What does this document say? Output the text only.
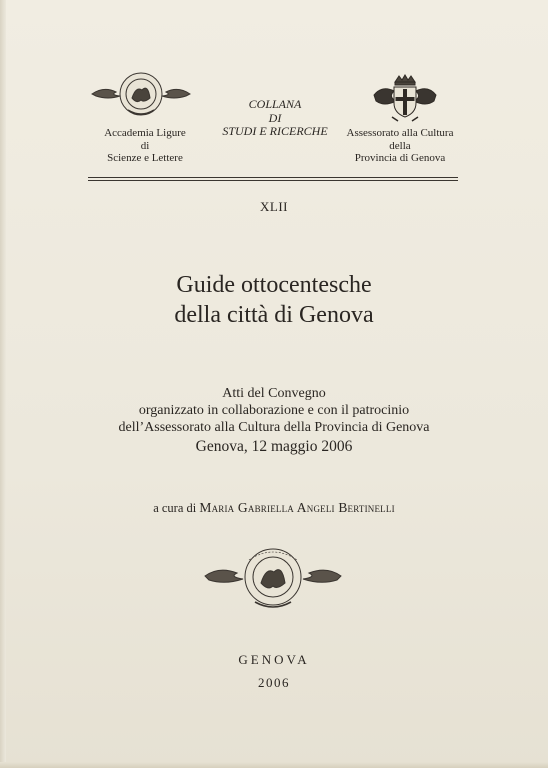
Accademia Ligure
di
Scienze e Lettere
COLLANA
DI
STUDI E RICERCHE	Assessorato alla Cultura
della
Provincia di Genova
XLII
Guide ottocentesche
della città di Genova
Atti del Convegno
organizzato in collaborazione e con il patrocinio
dell’Assessorato alla Cultura della Provincia di Genova
Genova, 12 maggio 2006
a cura di Maria Gabriella Angeli Bertinelli
GENOVA
2006
